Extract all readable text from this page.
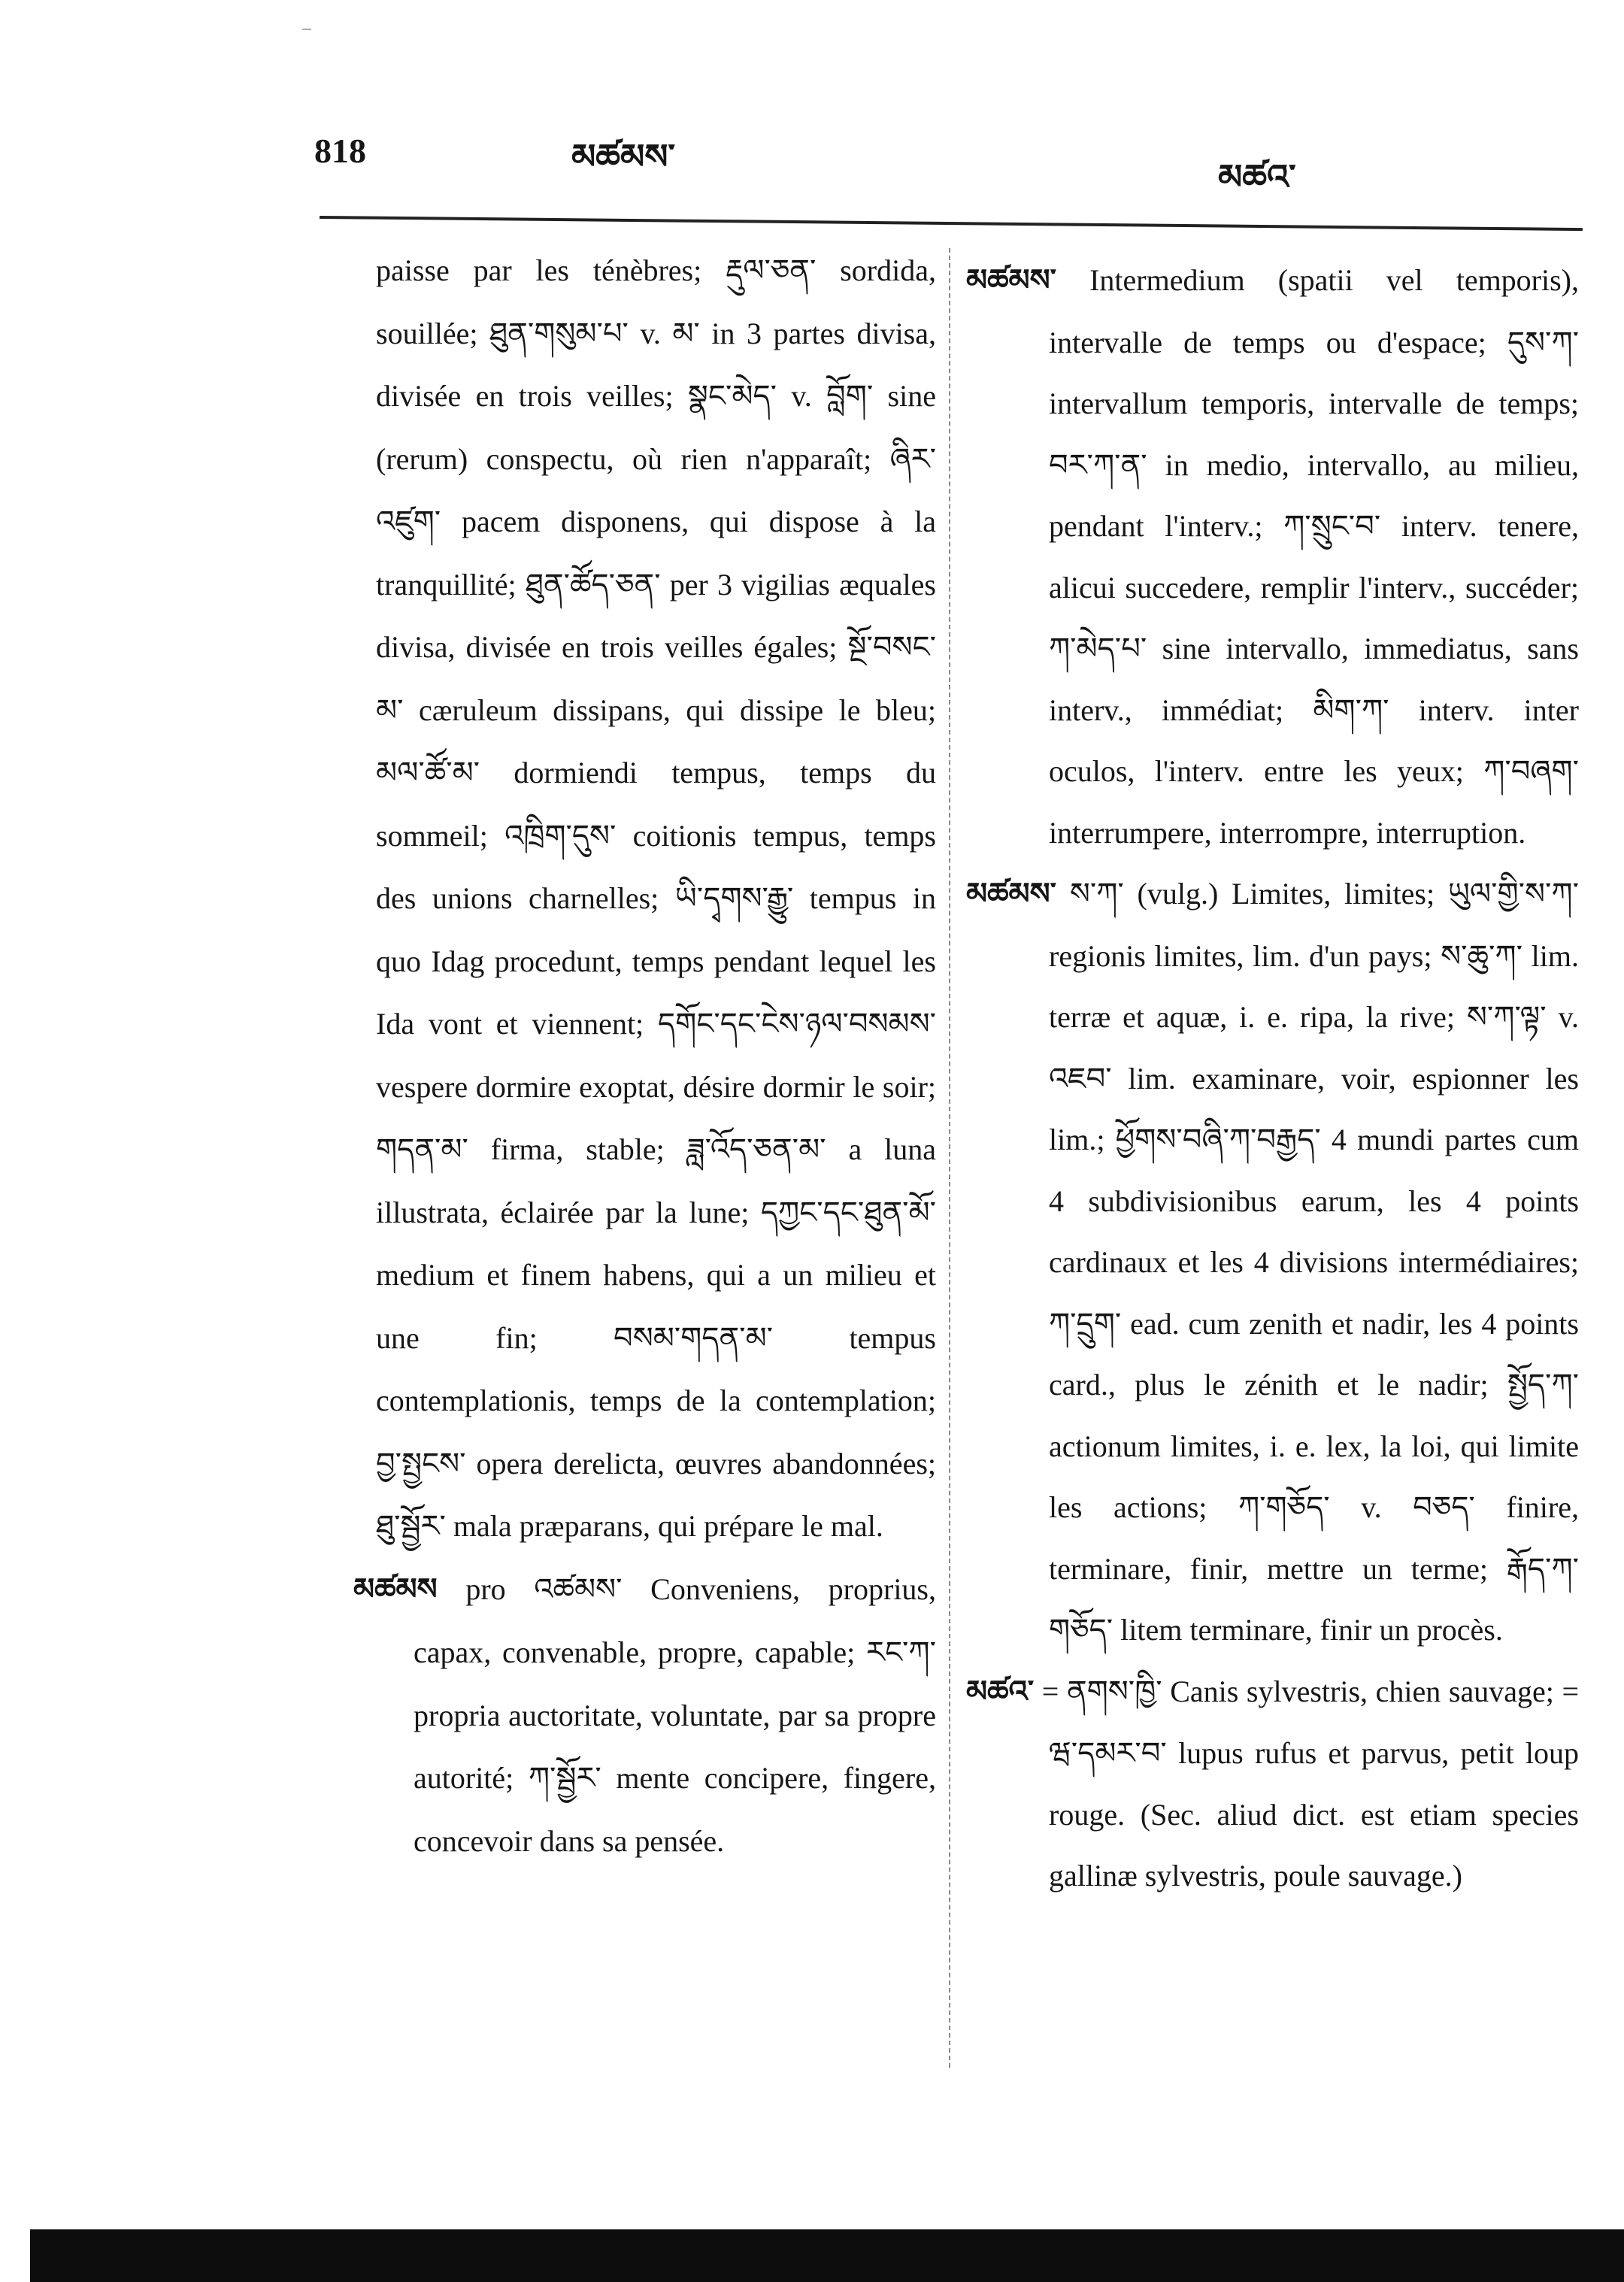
818	མཚམས་	མཚའ་

paisse par les ténèbres; རྡུལ་ཅན་ sordida, souillée; ཐུན་གསུམ་པ་ v. མ་ in 3 partes divisa, divisée en trois veilles; སྣང་མེད་ v. བློག་ sine (rerum) conspectu, où rien n'apparaît; ཞིར་འཛུག་ pacem disponens, qui dispose à la tranquillité; ཐུན་ཚོད་ཅན་ per 3 vigilias æquales divisa, divisée en trois veilles égales; སྔོ་བསང་མ་ cæruleum dissipans, qui dissipe le bleu; མལ་ཚོ་མ་ dormiendi tempus, temps du sommeil; འཁྲིག་དུས་ coitionis tempus, temps des unions charnelles; ཡི་དྭགས་རྒྱུ་ tempus in quo Idag procedunt, temps pendant lequel les Ida vont et viennent; དགོང་དང་ངེས་ཉལ་བསམས་ vespere dormire exoptat, désire dormir le soir; གདན་མ་ firma, stable; ཟླ་འོད་ཅན་མ་ a luna illustrata, éclairée par la lune; དཀྱང་དང་ཐུན་མོ་ medium et finem habens, qui a un milieu et une fin; བསམ་གདན་མ་ tempus contemplationis, temps de la contemplation; བྱ་སྤྱངས་ opera derelicta, œuvres abandonnées; ཐུ་སྦྱོར་ mala præparans, qui prépare le mal.

མཚམས pro འཚམས་ Conveniens, proprius, capax, convenable, propre, capable; རང་ཀ་ propria auctoritate, voluntate, par sa propre autorité; ཀ་སྦྱོར་ mente concipere, fingere, concevoir dans sa pensée.

མཚམས་ Intermedium (spatii vel temporis), intervalle de temps ou d'espace; དུས་ཀ་ intervallum temporis, intervalle de temps; བར་ཀ་ན་ in medio, intervallo, au milieu, pendant l'interv.; ཀ་སྲུང་བ་ interv. tenere, alicui succedere, remplir l'interv., succéder; ཀ་མེད་པ་ sine intervallo, immediatus, sans interv., immédiat; མིག་ཀ་ interv. inter oculos, l'interv. entre les yeux; ཀ་བཞག་ interrumpere, interrompre, interruption.

མཚམས་ ས་ཀ་ (vulg.) Limites, limites; ཡུལ་གྱི་ས་ཀ་ regionis limites, lim. d'un pays; ས་ཆུ་ཀ་ lim. terræ et aquæ, i. e. ripa, la rive; ས་ཀ་ལྟ་ v. འཇབ་ lim. examinare, voir, espionner les lim.; ཕྱོགས་བཞི་ཀ་བརྒྱད་ 4 mundi partes cum 4 subdivisionibus earum, les 4 points cardinaux et les 4 divisions intermédiaires; ཀ་དྲུག་ ead. cum zenith et nadir, les 4 points card., plus le zénith et le nadir; སྤྱོད་ཀ་ actionum limites, i. e. lex, la loi, qui limite les actions; ཀ་གཅོད་ v. བཅད་ finire, terminare, finir, mettre un terme; རྒོད་ཀ་གཅོད་ litem terminare, finir un procès.

མཚའ་ = ནགས་ཁྱི་ Canis sylvestris, chien sauvage; = ཝ་དམར་བ་ lupus rufus et parvus, petit loup rouge. (Sec. aliud dict. est etiam species gallinæ sylvestris, poule sauvage.)
